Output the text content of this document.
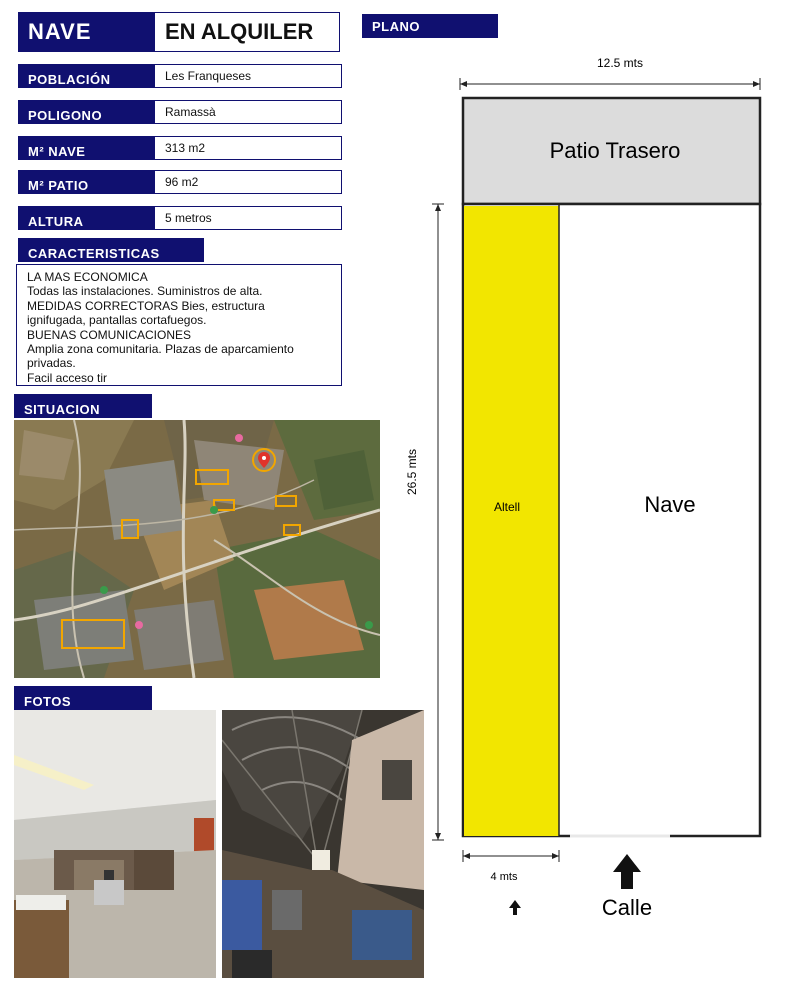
NAVE	EN ALQUILER
POBLACIÓN	Les Franqueses
POLIGONO	Ramassà
M² NAVE	313 m2
M² PATIO	96 m2
ALTURA	5 metros
CARACTERISTICAS
LA MAS ECONOMICA
Todas las instalaciones. Suministros de alta.
MEDIDAS CORRECTORAS Bies, estructura
ignifugada, pantallas cortafuegos.
BUENAS COMUNICACIONES
Amplia zona comunitaria. Plazas de aparcamiento
privadas.
Facil acceso tir
SITUACION
FOTOS
PLANO
12.5 mts
Patio Trasero
Altell	Nave
26.5 mts
4 mts
Calle
